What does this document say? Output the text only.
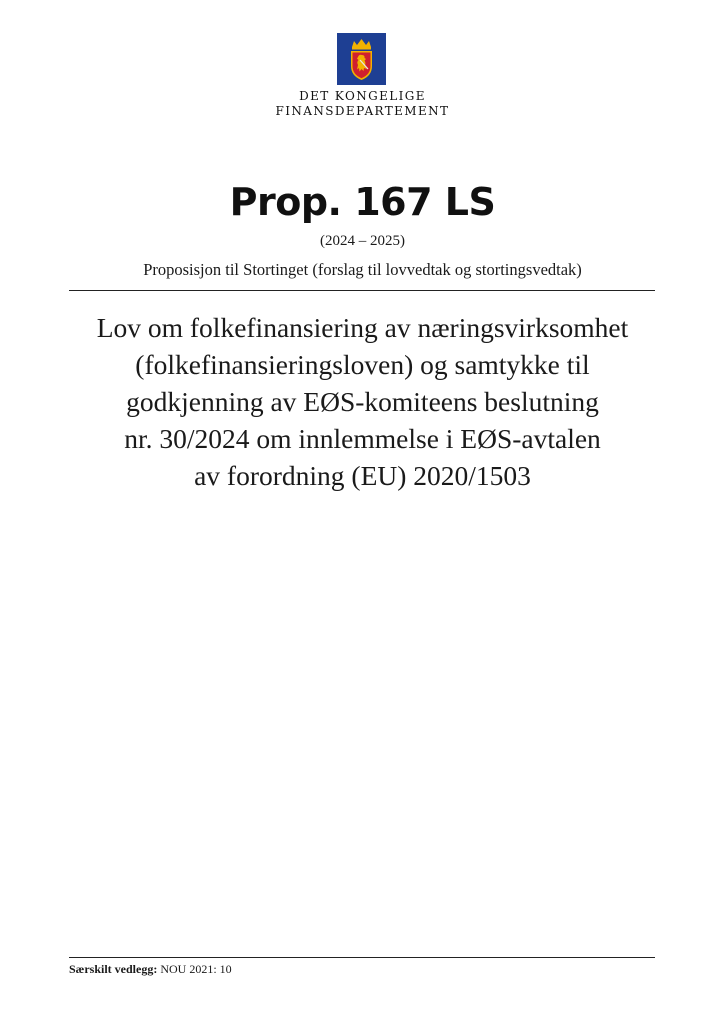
DET KONGELIGE
FINANSDEPARTEMENT
Prop. 167 LS
(2024 – 2025)
Proposisjon til Stortinget (forslag til lovvedtak og stortingsvedtak)
Lov om folkefinansiering av næringsvirksomhet
(folkefinansieringsloven) og samtykke til
godkjenning av EØS-komiteens beslutning
nr. 30/2024 om innlemmelse i EØS-avtalen
av forordning (EU) 2020/1503
Særskilt vedlegg: NOU 2021: 10
